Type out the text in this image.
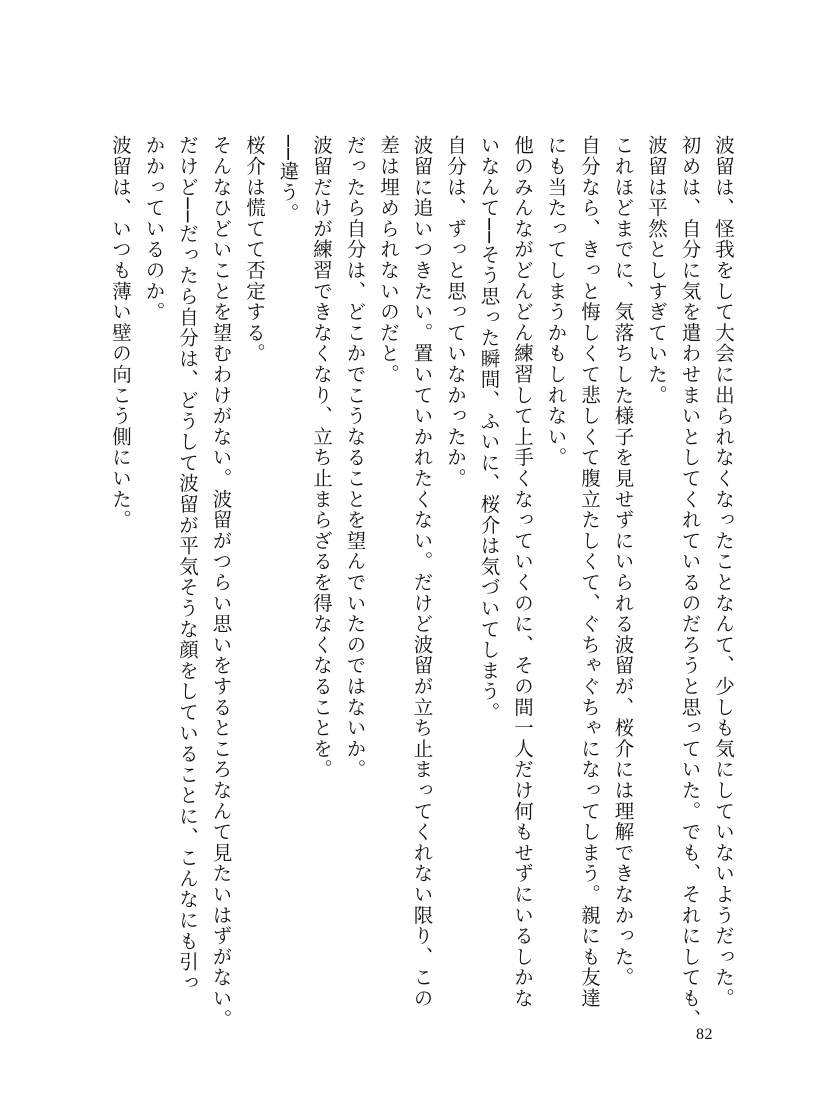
波留は、怪我をして大会に出られなくなったことなんて、少しも気にしていないようだった。
初めは、自分に気を遣わせまいとしてくれているのだろうと思っていた。でも、それにしても、
波留は平然としすぎていた。
これほどまでに、気落ちした様子を見せずにいられる波留が、桜介には理解できなかった。
自分なら、きっと悔しくて悲しくて腹立たしくて、ぐちゃぐちゃになってしまう。親にも友達
にも当たってしまうかもしれない。
他のみんながどんどん練習して上手くなっていくのに、その間一人だけ何もせずにいるしかな
いなんて──そう思った瞬間、ふいに、桜介は気づいてしまう。
自分は、ずっと思っていなかったか。
波留に追いつきたい。置いていかれたくない。だけど波留が立ち止まってくれない限り、この
差は埋められないのだと。
だったら自分は、どこかでこうなることを望んでいたのではないか。
波留だけが練習できなくなり、立ち止まらざるを得なくなることを。
──違う。
桜介は慌てて否定する。
そんなひどいことを望むわけがない。波留がつらい思いをするところなんて見たいはずがない。
だけど──だったら自分は、どうして波留が平気そうな顔をしていることに、こんなにも引っ
かかっているのか。
波留は、いつも薄い壁の向こう側にいた。
82
